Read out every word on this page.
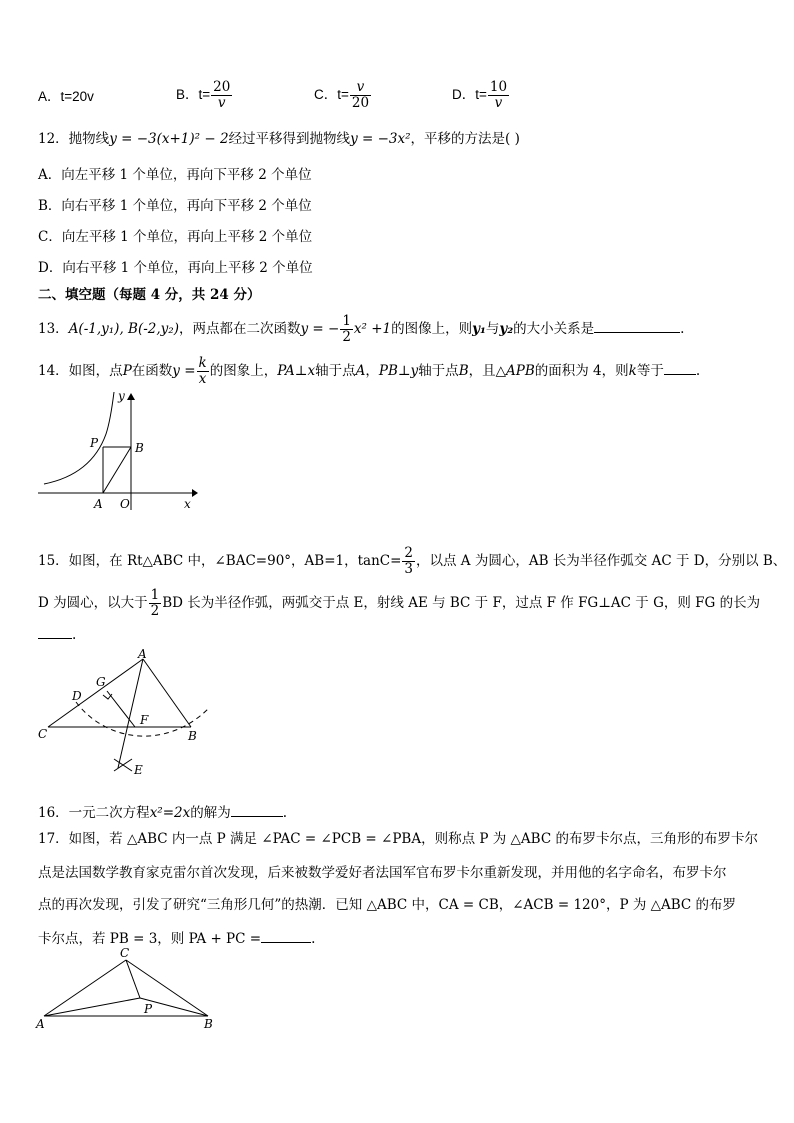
A．t=20v	B．$t= \frac{20}{v}$	C．$t= \frac{v}{20}$	D．$t= \frac{10}{v}$
12．抛物线y = −3(x+1)² − 2经过平移得到抛物线y = −3x²，平移的方法是( )
A．向左平移 1 个单位，再向下平移 2 个单位
B．向右平移 1 个单位，再向下平移 2 个单位
C．向左平移 1 个单位，再向上平移 2 个单位
D．向右平移 1 个单位，再向上平移 2 个单位
二、填空题（每题 4 分，共 24 分）
13．A(-1,y₁), B(-2,y₂)，两点都在二次函数y = − $\frac{1}{2} x^2 +1$的图像上，则y₁与y₂的大小关系是	.
14．如图，点P在函数$y = \frac{k}{x}$ 的图象上，PA⊥x轴于点A，PB⊥y轴于点B，且△APB的面积为 4，则k等于 .
y
P	B
A O	x
15．如图，在 Rt△ABC 中，∠BAC=90°，AB=1，$\tan C= \frac{2}{3}$ ，以点 A 为圆心，AB 长为半径作弧交 AC 于 D，分别以 B、
D 为圆心，以大于 $\frac{1}{2}$ BD 长为半径作弧，两弧交于点 E，射线 AE 与 BC 于 F，过点 F 作 FG⊥AC 于 G，则 FG 的长为
.
A
G
D
F
C	B
E
16．一元二次方程x²=2x的解为	.
17．如图，若 △ABC 内一点 P 满足 ∠PAC = ∠PCB = ∠PBA，则称点 P 为 △ABC 的布罗卡尔点，三角形的布罗卡尔
点是法国数学教育家克雷尔首次发现，后来被数学爱好者法国军官布罗卡尔重新发现，并用他的名字命名，布罗卡尔
点的再次发现，引发了研究“三角形几何”的热潮．已知 △ABC 中，CA = CB，∠ACB = 120°，P 为 △ABC 的布罗
卡尔点，若 PB = 3，则 PA + PC =	.
C
P
A	B
